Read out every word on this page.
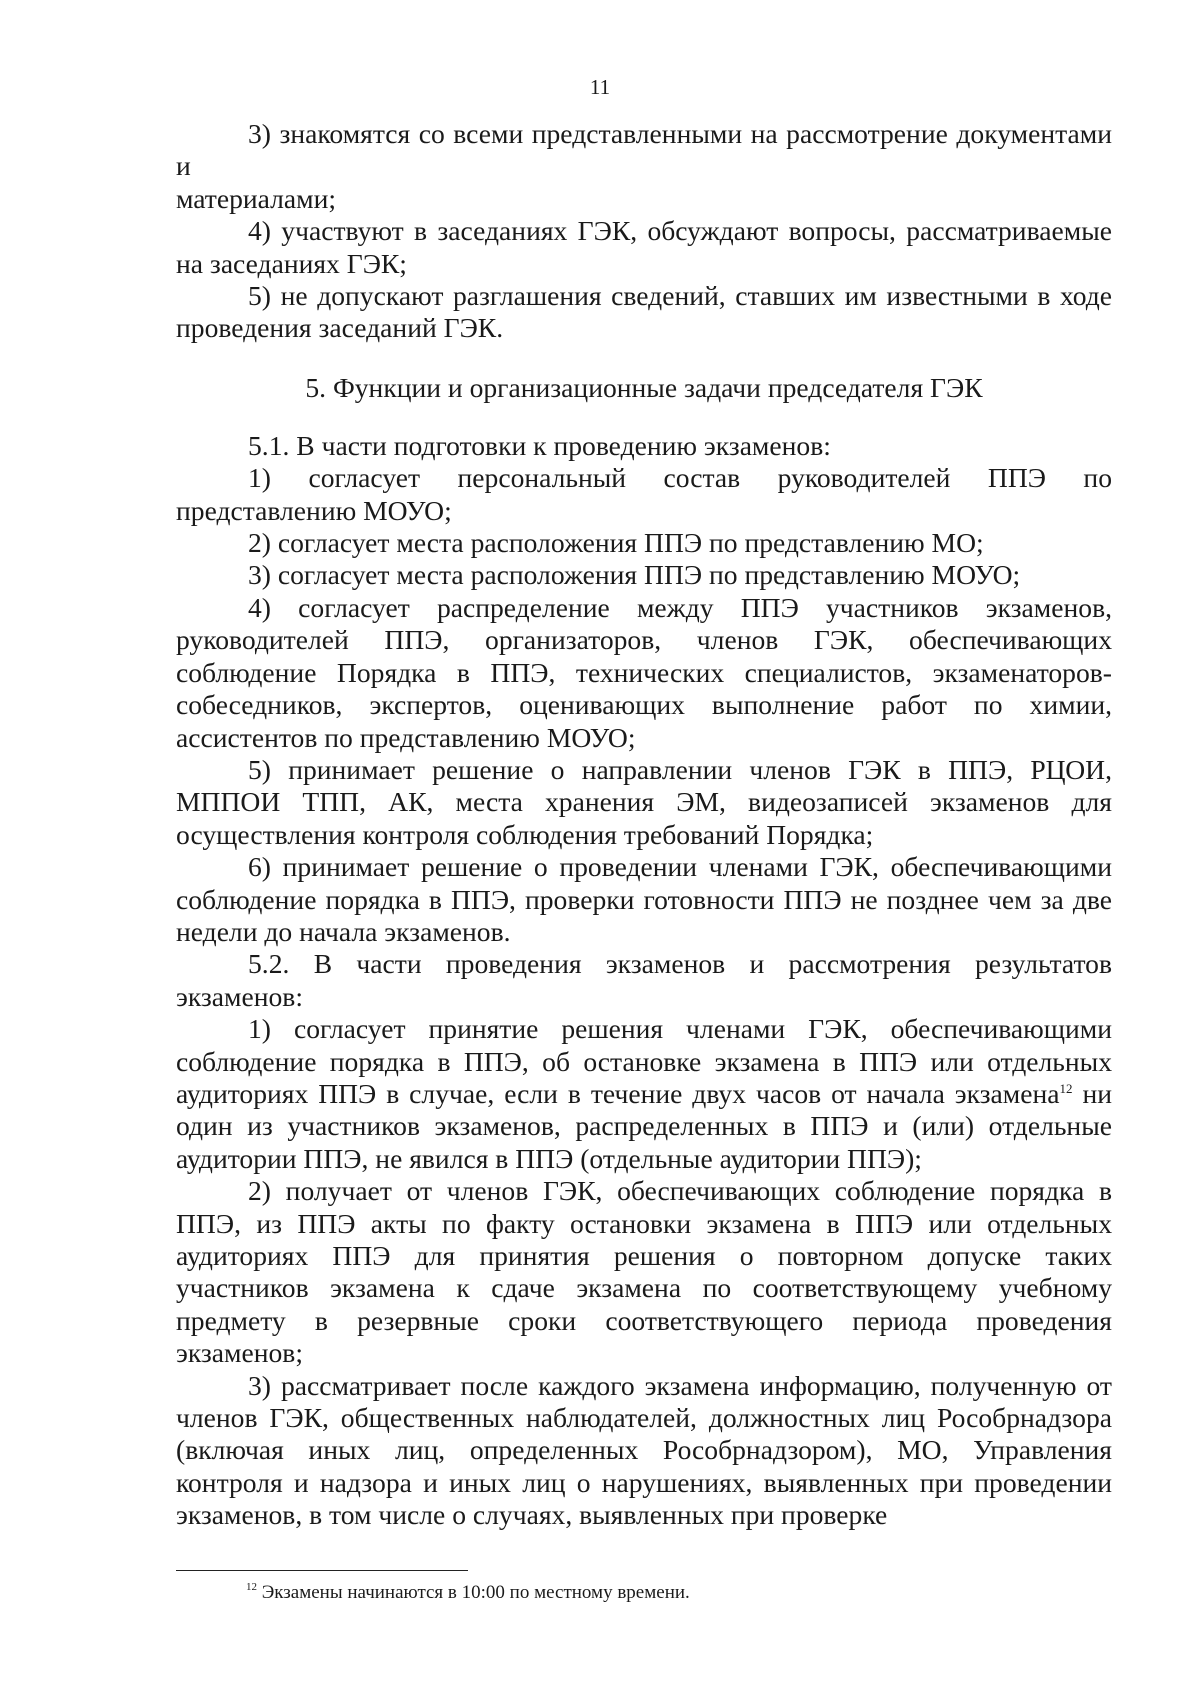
11

3) знакомятся со всеми представленными на рассмотрение документами и

материалами;

4) участвуют в заседаниях ГЭК, обсуждают вопросы, рассматриваемые на заседаниях ГЭК;

5) не допускают разглашения сведений, ставших им известными в ходе проведения заседаний ГЭК.

5. Функции и организационные задачи председателя ГЭК

5.1. В части подготовки к проведению экзаменов:

1) согласует персональный состав руководителей ППЭ по представлению МОУО;

2) согласует места расположения ППЭ по представлению МО;

3) согласует места расположения ППЭ по представлению МОУО;

4) согласует распределение между ППЭ участников экзаменов, руководителей ППЭ, организаторов, членов ГЭК, обеспечивающих соблюдение Порядка в ППЭ, технических специалистов, экзаменаторов-собеседников, экспертов, оценивающих выполнение работ по химии, ассистентов по представлению МОУО;

5) принимает решение о направлении членов ГЭК в ППЭ, РЦОИ, МППОИ ТПП, АК, места хранения ЭМ, видеозаписей экзаменов для осуществления контроля соблюдения требований Порядка;

6) принимает решение о проведении членами ГЭК, обеспечивающими соблюдение порядка в ППЭ, проверки готовности ППЭ не позднее чем за две недели до начала экзаменов.

5.2. В части проведения экзаменов и рассмотрения результатов экзаменов:

1) согласует принятие решения членами ГЭК, обеспечивающими соблюдение порядка в ППЭ, об остановке экзамена в ППЭ или отдельных аудиториях ППЭ в случае, если в течение двух часов от начала экзамена$^{12}$ ни один из участников экзаменов, распределенных в ППЭ и (или) отдельные аудитории ППЭ, не явился в ППЭ (отдельные аудитории ППЭ);

2) получает от членов ГЭК, обеспечивающих соблюдение порядка в ППЭ, из ППЭ акты по факту остановки экзамена в ППЭ или отдельных аудиториях ППЭ для принятия решения о повторном допуске таких участников экзамена к сдаче экзамена по соответствующему учебному предмету в резервные сроки соответствующего периода проведения экзаменов;

3) рассматривает после каждого экзамена информацию, полученную от членов ГЭК, общественных наблюдателей, должностных лиц Рособрнадзора (включая иных лиц, определенных Рособрнадзором), МО, Управления контроля и надзора и иных лиц о нарушениях, выявленных при проведении экзаменов, в том числе о случаях, выявленных при проверке

$^{12}$ Экзамены начинаются в 10:00 по местному времени.
